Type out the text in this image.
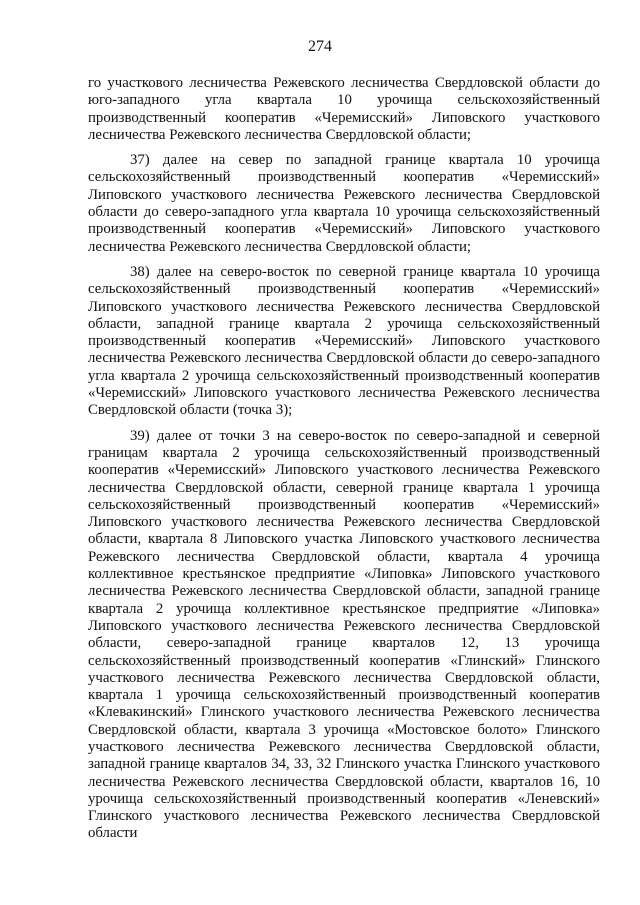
274

го участкового лесничества Режевского лесничества Свердловской области до юго-западного угла квартала 10 урочища сельскохозяйственный производственный кооператив «Черемисский» Липовского участкового лесничества Режевского лесничества Свердловской области;

37) далее на север по западной границе квартала 10 урочища сельскохозяйственный производственный кооператив «Черемисский» Липовского участкового лесничества Режевского лесничества Свердловской области до северо-западного угла квартала 10 урочища сельскохозяйственный производственный кооператив «Черемисский» Липовского участкового лесничества Режевского лесничества Свердловской области;

38) далее на северо-восток по северной границе квартала 10 урочища сельскохозяйственный производственный кооператив «Черемисский» Липовского участкового лесничества Режевского лесничества Свердловской области, западной границе квартала 2 урочища сельскохозяйственный производственный кооператив «Черемисский» Липовского участкового лесничества Режевского лесничества Свердловской области до северо-западного угла квартала 2 урочища сельскохозяйственный производственный кооператив «Черемисский» Липовского участкового лесничества Режевского лесничества Свердловской области (точка 3);

39) далее от точки 3 на северо-восток по северо-западной и северной границам квартала 2 урочища сельскохозяйственный производственный кооператив «Черемисский» Липовского участкового лесничества Режевского лесничества Свердловской области, северной границе квартала 1 урочища сельскохозяйственный производственный кооператив «Черемисский» Липовского участкового лесничества Режевского лесничества Свердловской области, квартала 8 Липовского участка Липовского участкового лесничества Режевского лесничества Свердловской области, квартала 4 урочища коллективное крестьянское предприятие «Липовка» Липовского участкового лесничества Режевского лесничества Свердловской области, западной границе квартала 2 урочища коллективное крестьянское предприятие «Липовка» Липовского участкового лесничества Режевского лесничества Свердловской области, северо-западной границе кварталов 12, 13 урочища сельскохозяйственный производственный кооператив «Глинский» Глинского участкового лесничества Режевского лесничества Свердловской области, квартала 1 урочища сельскохозяйственный производственный кооператив «Клевакинский» Глинского участкового лесничества Режевского лесничества Свердловской области, квартала 3 урочища «Мостовское болото» Глинского участкового лесничества Режевского лесничества Свердловской области, западной границе кварталов 34, 33, 32 Глинского участка Глинского участкового лесничества Режевского лесничества Свердловской области, кварталов 16, 10 урочища сельскохозяйственный производственный кооператив «Леневский» Глинского участкового лесничества Режевского лесничества Свердловской области
